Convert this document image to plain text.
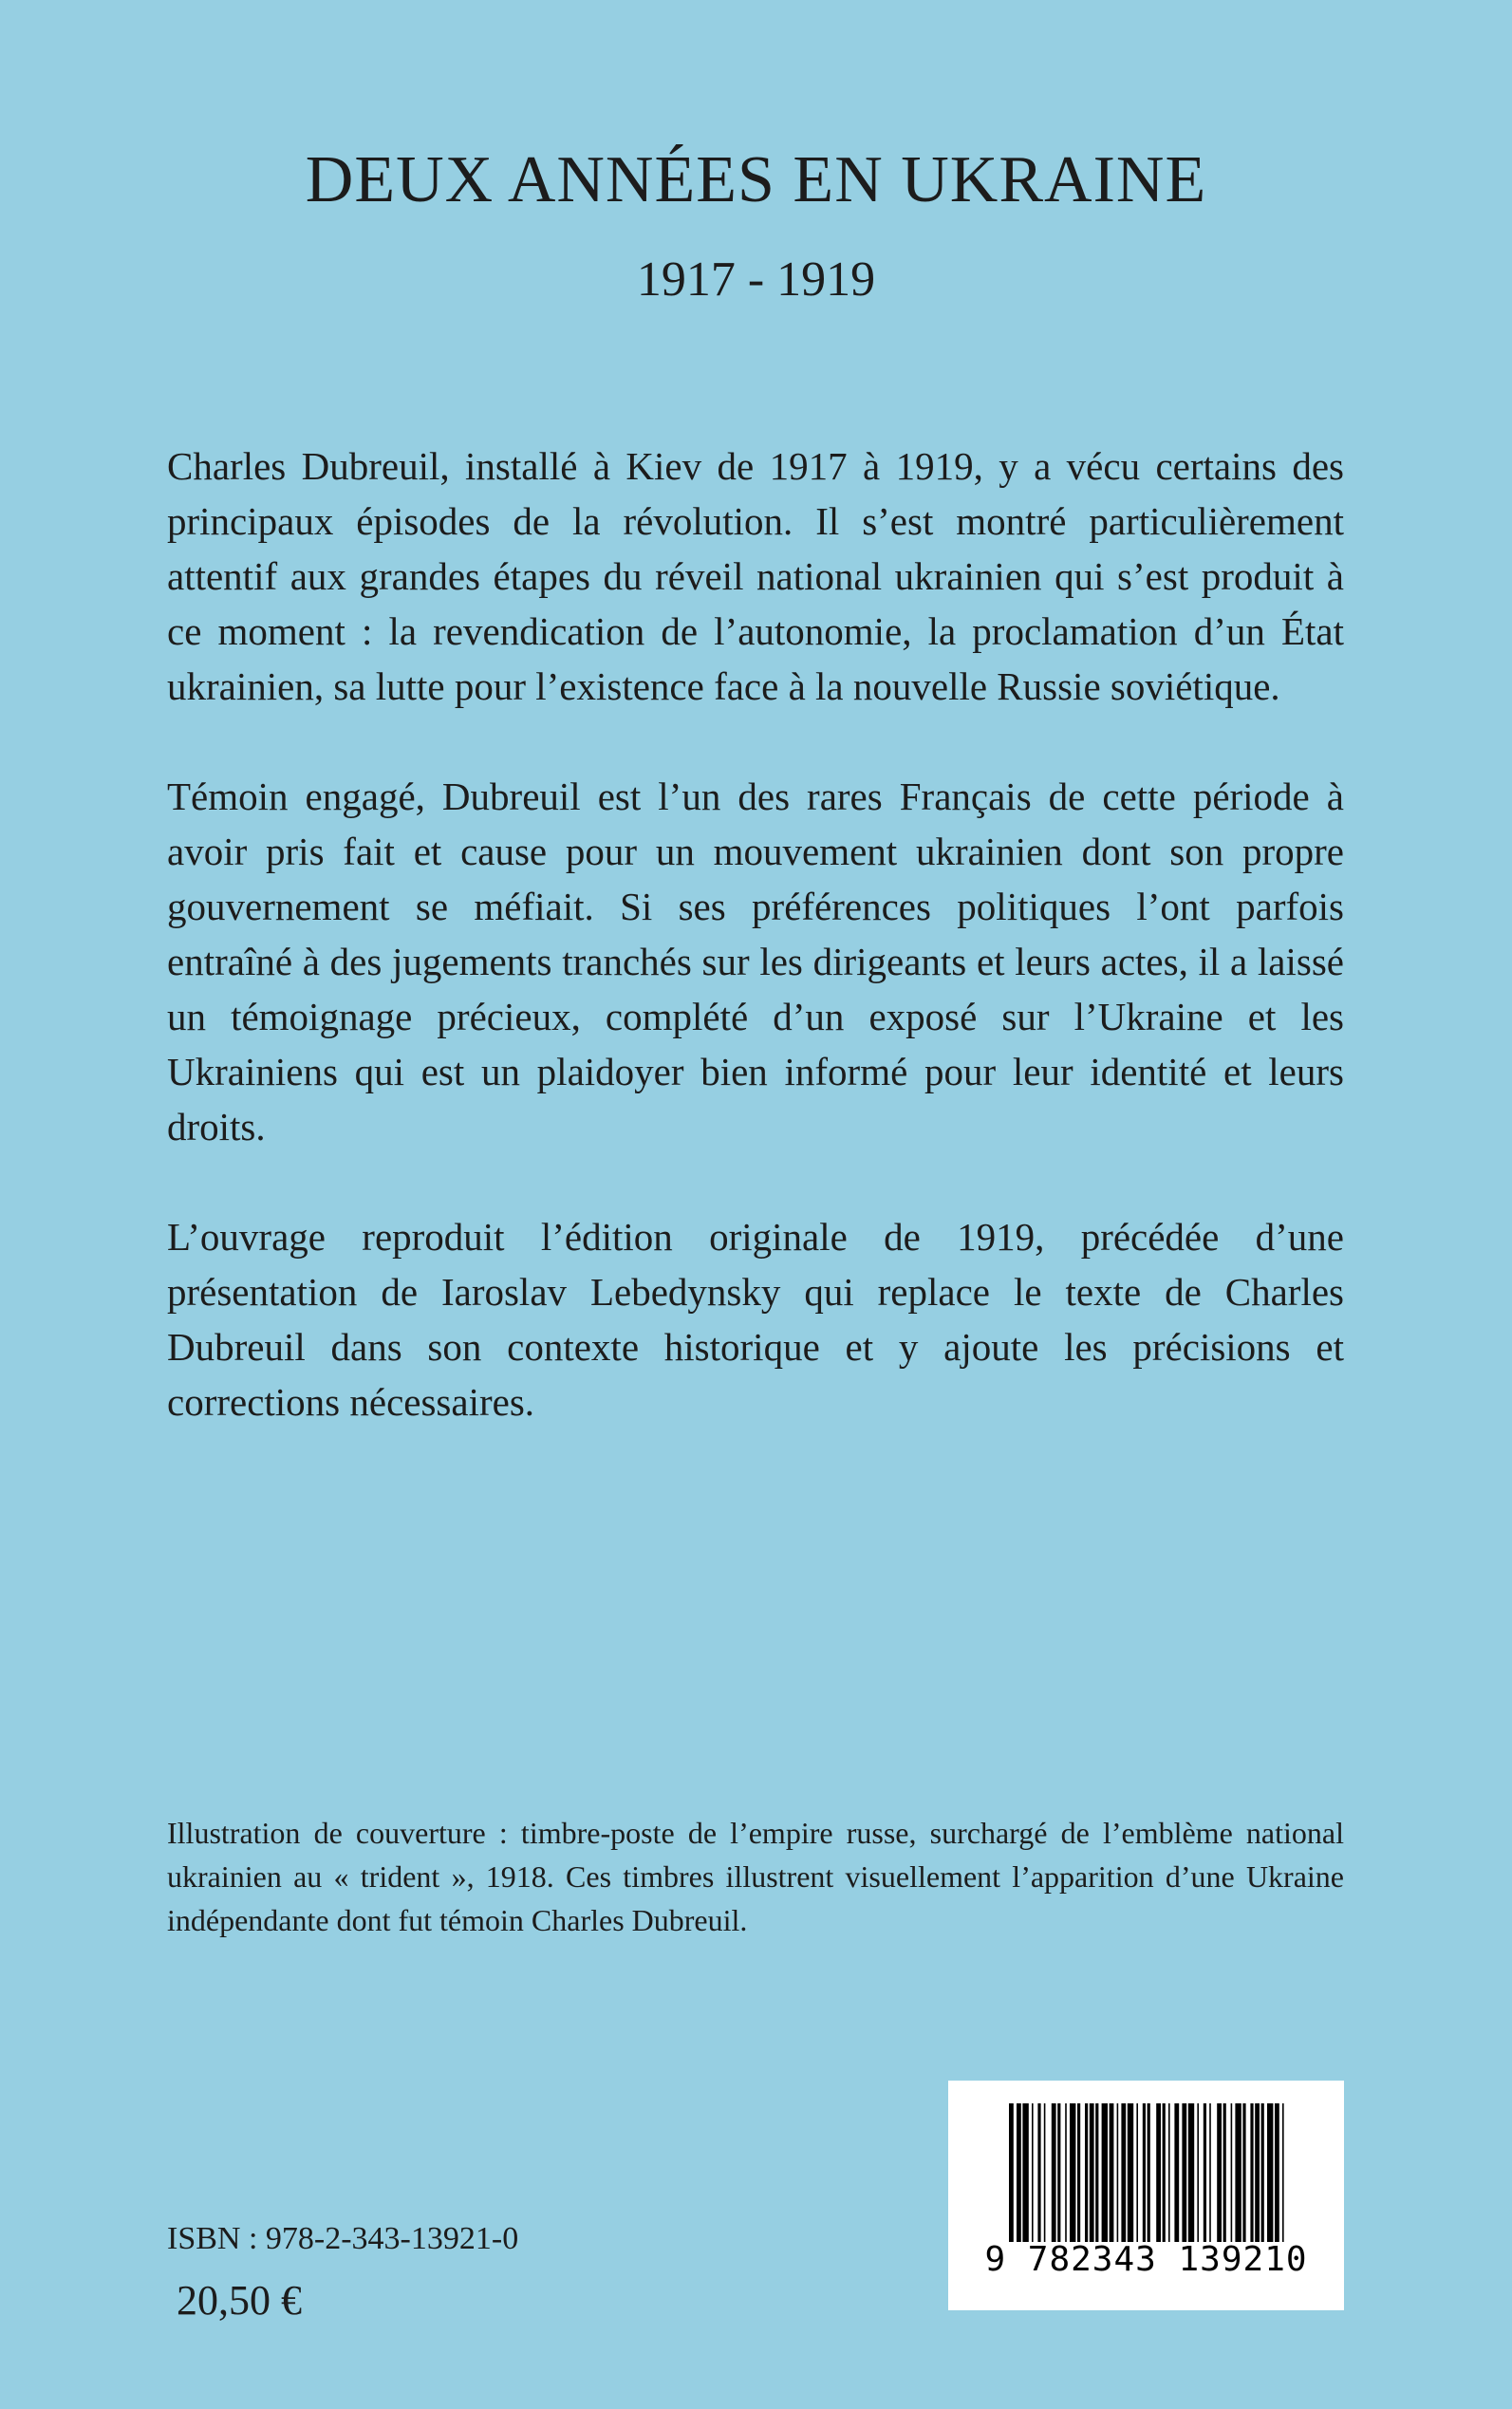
DEUX ANNÉES EN UKRAINE
1917 - 1919

Charles Dubreuil, installé à Kiev de 1917 à 1919, y a vécu certains des principaux épisodes de la révolution. Il s’est montré particulièrement attentif aux grandes étapes du réveil national ukrainien qui s’est produit à ce moment : la revendication de l’autonomie, la proclamation d’un État ukrainien, sa lutte pour l’existence face à la nouvelle Russie soviétique.

Témoin engagé, Dubreuil est l’un des rares Français de cette période à avoir pris fait et cause pour un mouvement ukrainien dont son propre gouvernement se méfiait. Si ses préférences politiques l’ont parfois entraîné à des jugements tranchés sur les dirigeants et leurs actes, il a laissé un témoignage précieux, complété d’un exposé sur l’Ukraine et les Ukrainiens qui est un plaidoyer bien informé pour leur identité et leurs droits.

L’ouvrage reproduit l’édition originale de 1919, précédée d’une présentation de Iaroslav Lebedynsky qui replace le texte de Charles Dubreuil dans son contexte historique et y ajoute les précisions et corrections nécessaires.

Illustration de couverture : timbre-poste de l’empire russe, surchargé de l’emblème national ukrainien au « trident », 1918. Ces timbres illustrent visuellement l’apparition d’une Ukraine indépendante dont fut témoin Charles Dubreuil.

9 782343 139210

ISBN : 978-2-343-13921-0

20,50 €
